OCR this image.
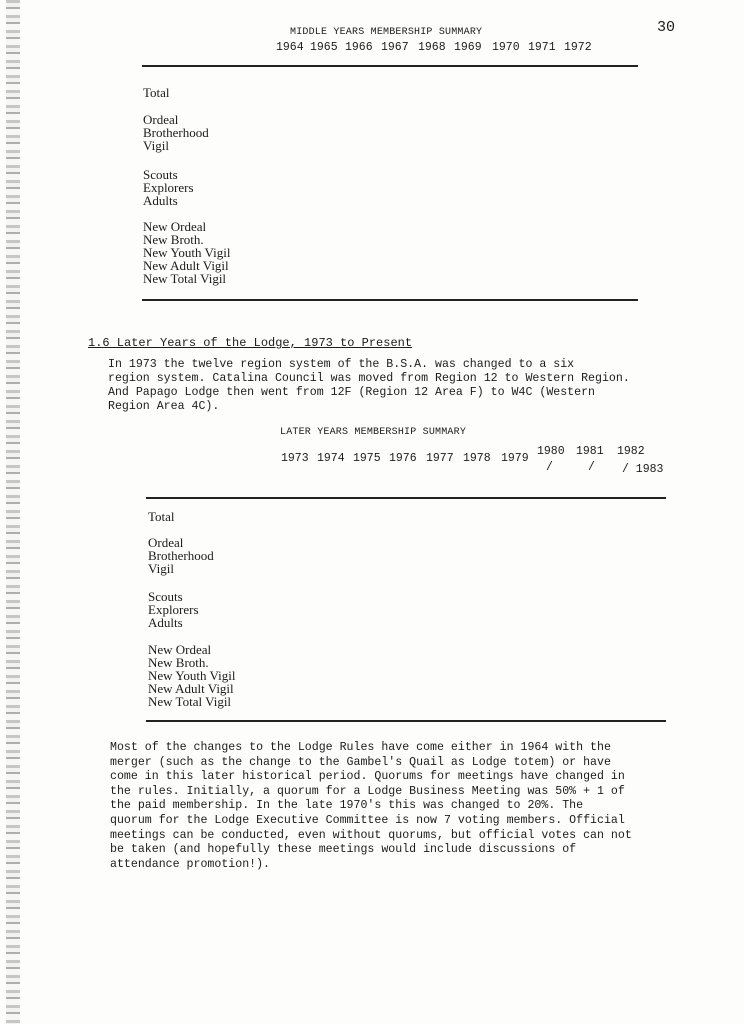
30
MIDDLE YEARS MEMBERSHIP SUMMARY
1964 1965 1966 1967 1968 1969 1970 1971 1972
Total
Ordeal
Brotherhood
Vigil
Scouts
Explorers
Adults
New Ordeal
New Broth.
New Youth Vigil
New Adult Vigil
New Total Vigil
1.6 Later Years of the Lodge, 1973 to Present
In 1973 the twelve region system of the B.S.A. was changed to a six
region system. Catalina Council was moved from Region 12 to Western Region.
And Papago Lodge then went from 12F (Region 12 Area F) to W4C (Western
Region Area 4C).
LATER YEARS MEMBERSHIP SUMMARY
1973 1974 1975 1976 1977 1978 1979
1980 1981 1982
/	/ / 1983
Total
Ordeal
Brotherhood
Vigil
Scouts
Explorers
Adults
New Ordeal
New Broth.
New Youth Vigil
New Adult Vigil
New Total Vigil
Most of the changes to the Lodge Rules have come either in 1964 with the
merger (such as the change to the Gambel's Quail as Lodge totem) or have
come in this later historical period. Quorums for meetings have changed in
the rules. Initially, a quorum for a Lodge Business Meeting was 50% + 1 of
the paid membership. In the late 1970's this was changed to 20%. The
quorum for the Lodge Executive Committee is now 7 voting members. Official
meetings can be conducted, even without quorums, but official votes can not
be taken (and hopefully these meetings would include discussions of
attendance promotion!).
